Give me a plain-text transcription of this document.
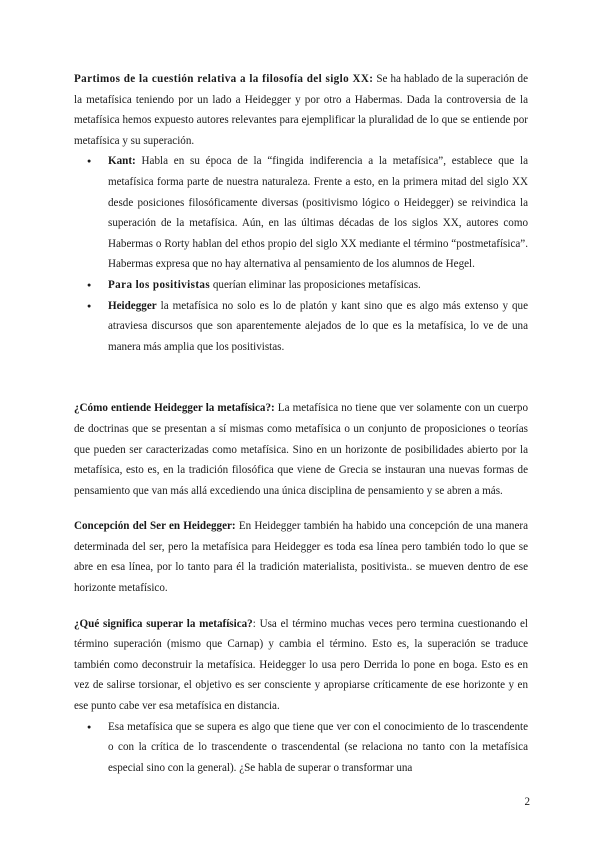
Partimos de la cuestión relativa a la filosofía del siglo XX: Se ha hablado de la superación de la metafísica teniendo por un lado a Heidegger y por otro a Habermas. Dada la controversia de la metafísica hemos expuesto autores relevantes para ejemplificar la pluralidad de lo que se entiende por metafísica y su superación.

● Kant: Habla en su época de la “fingida indiferencia a la metafísica”, establece que la metafísica forma parte de nuestra naturaleza. Frente a esto, en la primera mitad del siglo XX desde posiciones filosóficamente diversas (positivismo lógico o Heidegger) se reivindica la superación de la metafísica. Aún, en las últimas décadas de los siglos XX, autores como Habermas o Rorty hablan del ethos propio del siglo XX mediante el término “postmetafísica”. Habermas expresa que no hay alternativa al pensamiento de los alumnos de Hegel.
● Para los positivistas querían eliminar las proposiciones metafísicas.
● Heidegger la metafísica no solo es lo de platón y kant sino que es algo más extenso y que atraviesa discursos que son aparentemente alejados de lo que es la metafísica, lo ve de una manera más amplia que los positivistas.

¿Cómo entiende Heidegger la metafísica?: La metafísica no tiene que ver solamente con un cuerpo de doctrinas que se presentan a sí mismas como metafísica o un conjunto de proposiciones o teorías que pueden ser caracterizadas como metafísica. Sino en un horizonte de posibilidades abierto por la metafísica, esto es, en la tradición filosófica que viene de Grecia se instauran una nuevas formas de pensamiento que van más allá excediendo una única disciplina de pensamiento y se abren a más.

Concepción del Ser en Heidegger: En Heidegger también ha habido una concepción de una manera determinada del ser, pero la metafísica para Heidegger es toda esa línea pero también todo lo que se abre en esa línea, por lo tanto para él la tradición materialista, positivista.. se mueven dentro de ese horizonte metafísico.

¿Qué significa superar la metafísica?: Usa el término muchas veces pero termina cuestionando el término superación (mismo que Carnap) y cambia el término. Esto es, la superación se traduce también como deconstruir la metafísica. Heidegger lo usa pero Derrida lo pone en boga. Esto es en vez de salirse torsionar, el objetivo es ser consciente y apropiarse críticamente de ese horizonte y en ese punto cabe ver esa metafísica en distancia.

● Esa metafísica que se supera es algo que tiene que ver con el conocimiento de lo trascendente o con la crítica de lo trascendente o trascendental (se relaciona no tanto con la metafísica especial sino con la general). ¿Se habla de superar o transformar una
2
